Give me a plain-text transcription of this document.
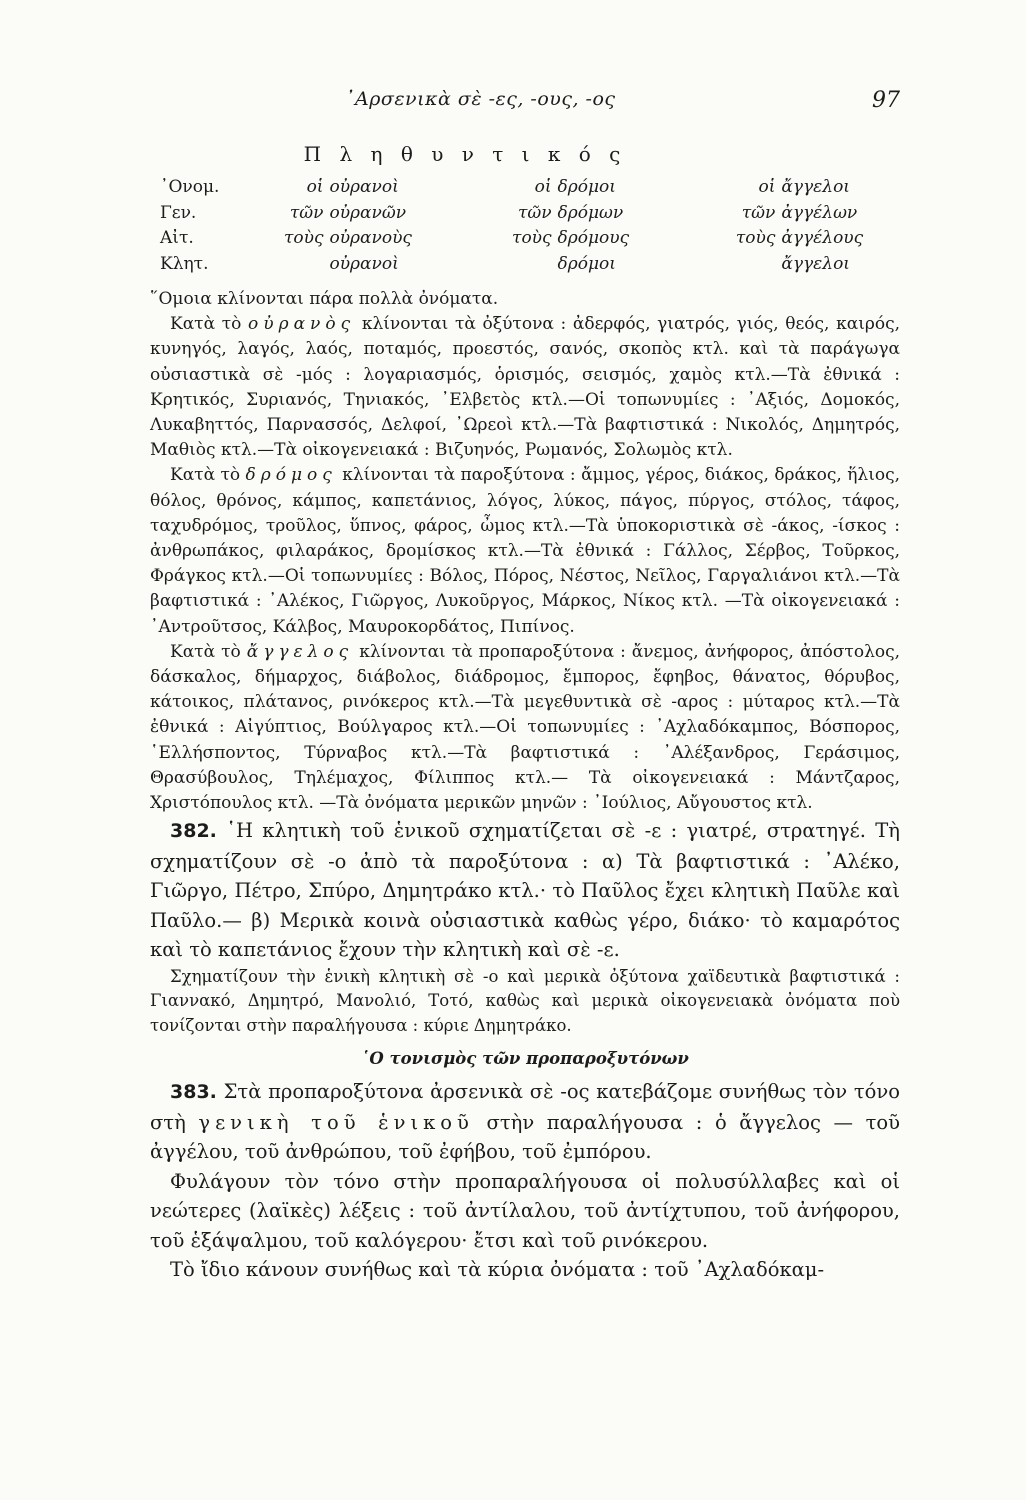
᾿Αρσενικὰ σὲ -ες, -ους, -ος	97
Π λ η θ υ ν τ ι κ ό ς
᾿Ονομ.	οἱ	οὐρανοὶ	οἱ	δρόμοι	οἱ	ἄγγελοι
Γεν.	τῶν	οὐρανῶν	τῶν	δρόμων	τῶν	ἀγγέλων
Αἰτ.	τοὺς	οὐρανοὺς	τοὺς	δρόμους	τοὺς	ἀγγέλους
Κλητ.		οὐρανοὶ		δρόμοι		ἄγγελοι

῞Ομοια κλίνονται πάρα πολλὰ ὀνόματα.

Κατὰ τὸ οὐρανὸς κλίνονται τὰ ὀξύτονα : ἀδερφός, γιατρός, γιός, θεός, καιρός, κυνηγός, λαγός, λαός, ποταμός, προεστός, σανός, σκοπὸς κτλ. καὶ τὰ παράγωγα οὐσιαστικὰ σὲ -μός : λογαριασμός, ὁρισμός, σεισμός, χαμὸς κτλ.—Τὰ ἐθνικά : Κρητικός, Συριανός, Τηνιακός, ᾿Ελβετὸς κτλ.—Οἱ τοπωνυμίες : ᾿Αξιός, Δομοκός, Λυκαβηττός, Παρνασσός, Δελφοί, ᾿Ωρεοὶ κτλ.—Τὰ βαφτιστικά : Νικολός, Δημητρός, Μαθιὸς κτλ.—Τὰ οἰκογενειακά : Βιζυηνός, Ρωμανός, Σολωμὸς κτλ.

Κατὰ τὸ δρόμος κλίνονται τὰ παροξύτονα : ἄμμος, γέρος, διάκος, δράκος, ἥλιος, θόλος, θρόνος, κάμπος, καπετάνιος, λόγος, λύκος, πάγος, πύργος, στόλος, τάφος, ταχυδρόμος, τροῦλος, ὕπνος, φάρος, ὦμος κτλ.—Τὰ ὑποκοριστικὰ σὲ -άκος, -ίσκος : ἀνθρωπάκος, φιλαράκος, δρομίσκος κτλ.—Τὰ ἐθνικά : Γάλλος, Σέρβος, Τοῦρκος, Φράγκος κτλ.—Οἱ τοπωνυμίες : Βόλος, Πόρος, Νέστος, Νεῖλος, Γαργαλιάνοι κτλ.—Τὰ βαφτιστικά : ᾿Αλέκος, Γιῶργος, Λυκοῦργος, Μάρκος, Νίκος κτλ. —Τὰ οἰκογενειακά : ᾿Αντροῦτσος, Κάλβος, Μαυροκορδάτος, Πιπίνος.

Κατὰ τὸ ἄγγελος κλίνονται τὰ προπαροξύτονα : ἄνεμος, ἀνήφορος, ἀπόστολος, δάσκαλος, δήμαρχος, διάβολος, διάδρομος, ἔμπορος, ἔφηβος, θάνατος, θόρυβος, κάτοικος, πλάτανος, ρινόκερος κτλ.—Τὰ μεγεθυντικὰ σὲ -αρος : μύταρος κτλ.—Τὰ ἐθνικά : Αἰγύπτιος, Βούλγαρος κτλ.—Οἱ τοπωνυμίες : ᾿Αχλαδόκαμπος, Βόσπορος, ῾Ελλήσποντος, Τύρναβος κτλ.—Τὰ βαφτιστικά : ᾿Αλέξανδρος, Γεράσιμος, Θρασύβουλος, Τηλέμαχος, Φίλιππος κτλ.— Τὰ οἰκογενειακά : Μάντζαρος, Χριστόπουλος κτλ. —Τὰ ὀνόματα μερικῶν μηνῶν : ᾿Ιούλιος, Αὔγουστος κτλ.

382. ῾Η κλητικὴ τοῦ ἑνικοῦ σχηματίζεται σὲ -ε : γιατρέ, στρατηγέ. Τὴ σχηματίζουν σὲ -ο ἀπὸ τὰ παροξύτονα : α) Τὰ βαφτιστικά : ᾿Αλέκο, Γιῶργο, Πέτρο, Σπύρο, Δημητράκο κτλ.· τὸ Παῦλος ἔχει κλητικὴ Παῦλε καὶ Παῦλο.— β) Μερικὰ κοινὰ οὐσιαστικὰ καθὼς γέρο, διάκο· τὸ καμαρότος καὶ τὸ καπετάνιος ἔχουν τὴν κλητικὴ καὶ σὲ -ε.

Σχηματίζουν τὴν ἑνικὴ κλητικὴ σὲ -ο καὶ μερικὰ ὀξύτονα χαϊδευτικὰ βαφτιστικά : Γιαννακό, Δημητρό, Μανολιό, Τοτό, καθὼς καὶ μερικὰ οἰκογενειακὰ ὀνόματα ποὺ τονίζονται στὴν παραλήγουσα : κύριε Δημητράκο.

῾Ο τονισμὸς τῶν προπαροξυτόνων

383. Στὰ προπαροξύτονα ἀρσενικὰ σὲ -ος κατεβάζομε συνήθως τὸν τόνο στὴ γενικὴ τοῦ ἑνικοῦ στὴν παραλήγουσα : ὁ ἄγγελος — τοῦ ἀγγέλου, τοῦ ἀνθρώπου, τοῦ ἐφήβου, τοῦ ἐμπόρου.

Φυλάγουν τὸν τόνο στὴν προπαραλήγουσα οἱ πολυσύλλαβες καὶ οἱ νεώτερες (λαϊκὲς) λέξεις : τοῦ ἀντίλαλου, τοῦ ἀντίχτυπου, τοῦ ἀνήφορου, τοῦ ἑξάψαλμου, τοῦ καλόγερου· ἔτσι καὶ τοῦ ρινόκερου.

Τὸ ἴδιο κάνουν συνήθως καὶ τὰ κύρια ὀνόματα : τοῦ ᾿Αχλαδόκαμ-
